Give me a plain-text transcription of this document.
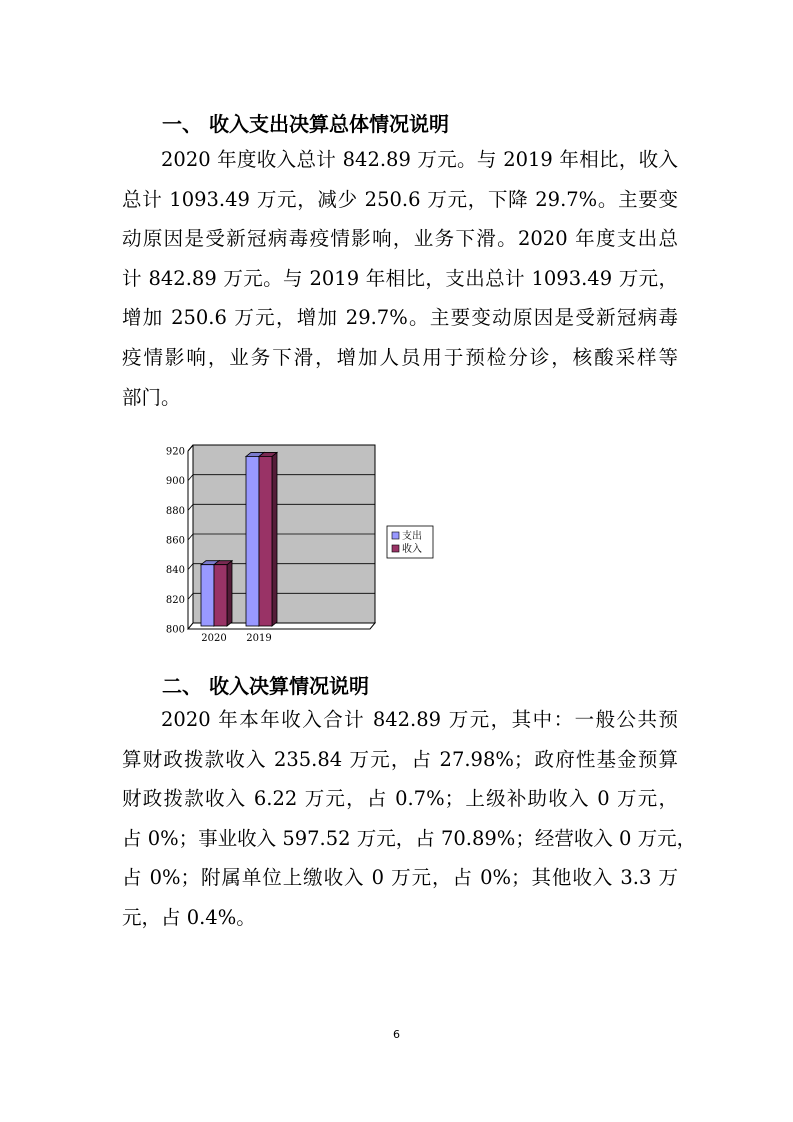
一、 收入支出决算总体情况说明
2020 年度收入总计 842.89 万元。与 2019 年相比，收入
总计 1093.49 万元，减少 250.6 万元，下降 29.7%。主要变
动原因是受新冠病毒疫情影响，业务下滑。2020 年度支出总
计 842.89 万元。与 2019 年相比，支出总计 1093.49 万元，
增加 250.6 万元，增加 29.7%。主要变动原因是受新冠病毒
疫情影响，业务下滑，增加人员用于预检分诊，核酸采样等
部门。
800
820
840
860
880
900
920
2020 2019
支出
收入
二、 收入决算情况说明
2020 年本年收入合计 842.89 万元，其中：一般公共预
算财政拨款收入 235.84 万元，占 27.98%；政府性基金预算
财政拨款收入 6.22 万元，占 0.7%；上级补助收入 0 万元，
占 0%；事业收入 597.52 万元，占 70.89%；经营收入 0 万元，
占 0%；附属单位上缴收入 0 万元，占 0%；其他收入 3.3 万
元，占 0.4%。
6
